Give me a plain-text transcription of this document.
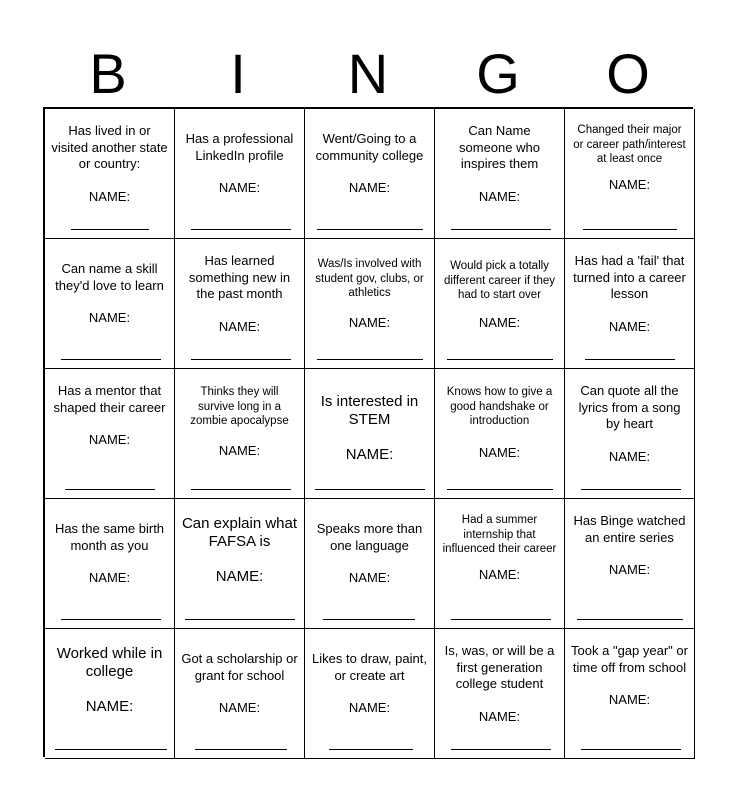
B	I	N	G	O
Has lived in or visited another state or country:
NAME:
Has a professional LinkedIn profile
NAME:
Went/Going to a community college
NAME:
Can Name someone who inspires them
NAME:
Changed their major or career path/interest at least once
NAME:
Can name a skill they'd love to learn
NAME:
Has learned something new in the past month
NAME:
Was/Is involved with student gov, clubs, or athletics
NAME:
Would pick a totally different career if they had to start over
NAME:
Has had a 'fail' that turned into a career lesson
NAME:
Has a mentor that shaped their career
NAME:
Thinks they will survive long in a zombie apocalypse
NAME:
Is interested in STEM
NAME:
Knows how to give a good handshake or introduction
NAME:
Can quote all the lyrics from a song by heart
NAME:
Has the same birth month as you
NAME:
Can explain what FAFSA is
NAME:
Speaks more than one language
NAME:
Had a summer internship that influenced their career
NAME:
Has Binge watched an entire series
NAME:
Worked while in college
NAME:
Got a scholarship or grant for school
NAME:
Likes to draw, paint, or create art
NAME:
Is, was, or will be a first generation college student
NAME:
Took a "gap year" or time off from school
NAME:
